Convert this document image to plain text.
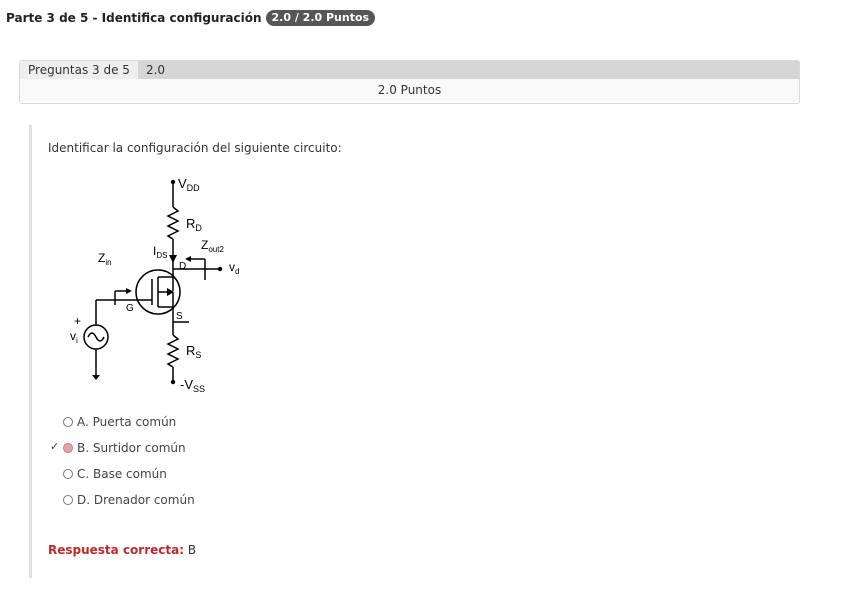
Parte 3 de 5 - Identifica configuración 2.0 / 2.0 Puntos
Preguntas 3 de 5	2.0
2.0 Puntos
Identificar la configuración del siguiente circuito:
$V_{DD}$
$R_D$
$I_{DS}$
D	$v_d$
$Z_{out2}$
$Z_{in}$
G
S
+
$v_i$
$R_S$
$-V_{SS}$
A. Puerta común
✓ B. Surtidor común
C. Base común
D. Drenador común
Respuesta correcta: B
